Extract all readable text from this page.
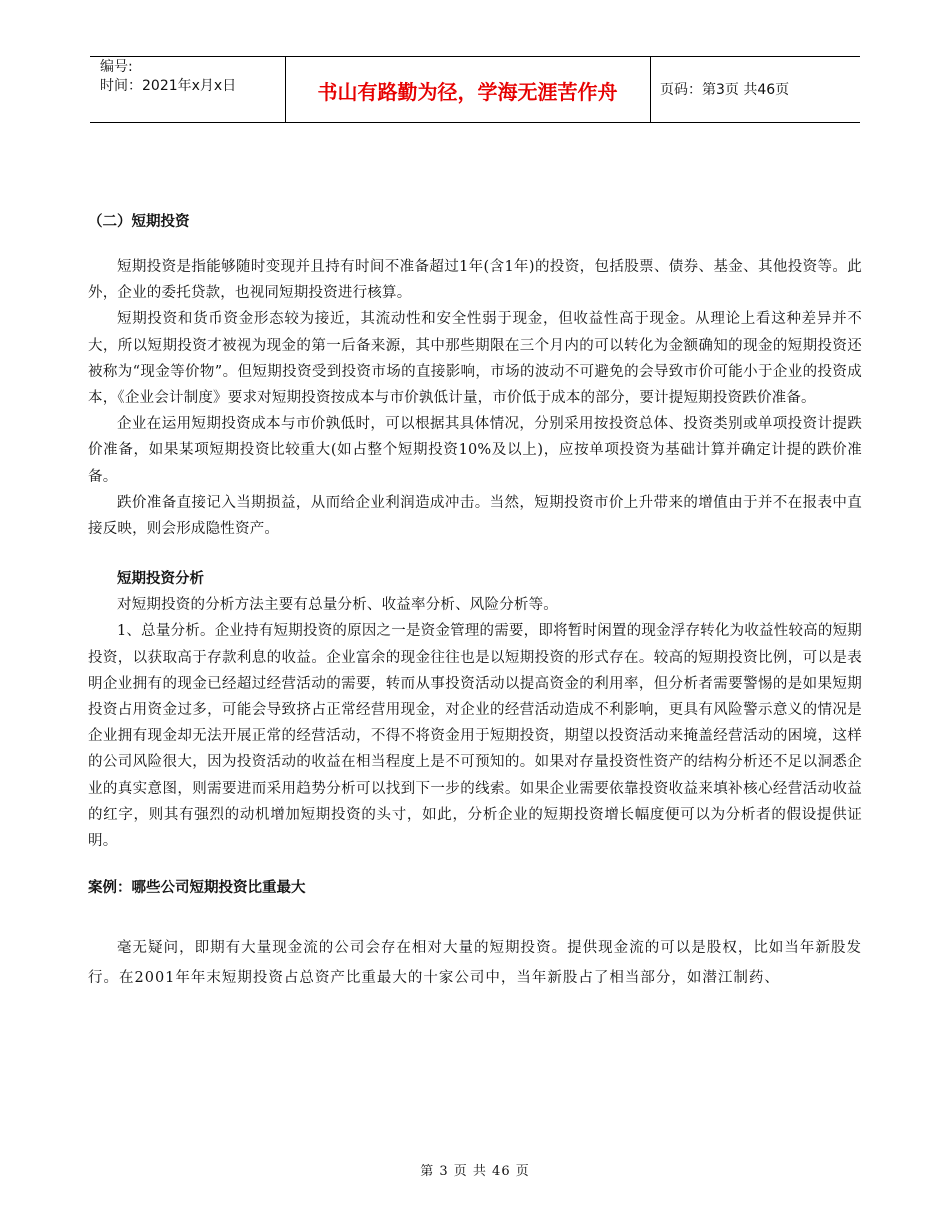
编号:
时间：2021年x月x日	书山有路勤为径，学海无涯苦作舟	页码：第3页 共46页
（二）短期投资

短期投资是指能够随时变现并且持有时间不准备超过1年(含1年)的投资，包括股票、债券、基金、其他投资等。此外，企业的委托贷款，也视同短期投资进行核算。

短期投资和货币资金形态较为接近，其流动性和安全性弱于现金，但收益性高于现金。从理论上看这种差异并不大，所以短期投资才被视为现金的第一后备来源，其中那些期限在三个月内的可以转化为金额确知的现金的短期投资还被称为“现金等价物”。但短期投资受到投资市场的直接影响，市场的波动不可避免的会导致市价可能小于企业的投资成本，《企业会计制度》要求对短期投资按成本与市价孰低计量，市价低于成本的部分，要计提短期投资跌价准备。

企业在运用短期投资成本与市价孰低时，可以根据其具体情况，分别采用按投资总体、投资类别或单项投资计提跌价准备，如果某项短期投资比较重大(如占整个短期投资10%及以上)，应按单项投资为基础计算并确定计提的跌价准备。

跌价准备直接记入当期损益，从而给企业利润造成冲击。当然，短期投资市价上升带来的增值由于并不在报表中直接反映，则会形成隐性资产。

短期投资分析

对短期投资的分析方法主要有总量分析、收益率分析、风险分析等。

1、总量分析。企业持有短期投资的原因之一是资金管理的需要，即将暂时闲置的现金浮存转化为收益性较高的短期投资，以获取高于存款利息的收益。企业富余的现金往往也是以短期投资的形式存在。较高的短期投资比例，可以是表明企业拥有的现金已经超过经营活动的需要，转而从事投资活动以提高资金的利用率，但分析者需要警惕的是如果短期投资占用资金过多，可能会导致挤占正常经营用现金，对企业的经营活动造成不利影响，更具有风险警示意义的情况是企业拥有现金却无法开展正常的经营活动，不得不将资金用于短期投资，期望以投资活动来掩盖经营活动的困境，这样的公司风险很大，因为投资活动的收益在相当程度上是不可预知的。如果对存量投资性资产的结构分析还不足以洞悉企业的真实意图，则需要进而采用趋势分析可以找到下一步的线索。如果企业需要依靠投资收益来填补核心经营活动收益的红字，则其有强烈的动机增加短期投资的头寸，如此，分析企业的短期投资增长幅度便可以为分析者的假设提供证明。

案例：哪些公司短期投资比重最大

毫无疑问，即期有大量现金流的公司会存在相对大量的短期投资。提供现金流的可以是股权，比如当年新股发行。在2001年年末短期投资占总资产比重最大的十家公司中，当年新股占了相当部分，如潜江制药、

第 3 页 共 46 页
